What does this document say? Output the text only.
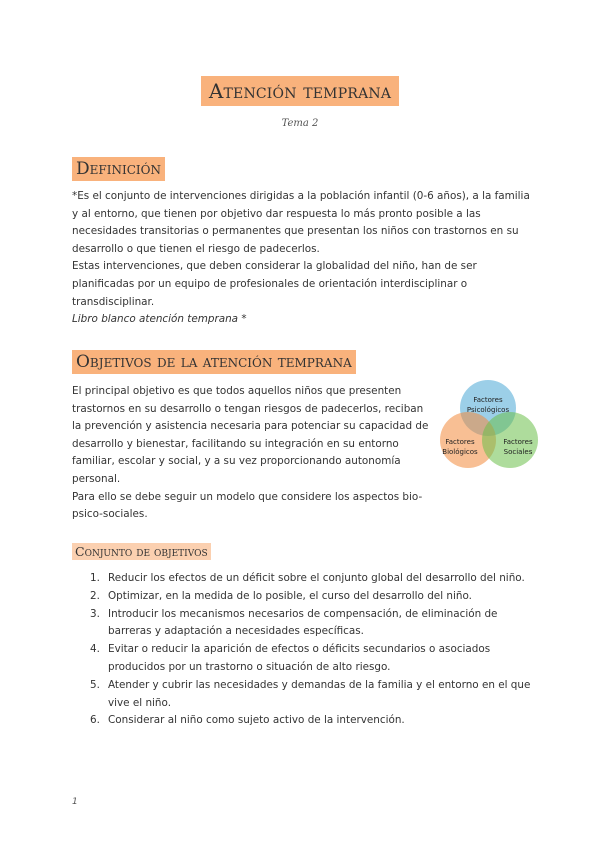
Atención temprana
Tema 2
Definición

*Es el conjunto de intervenciones dirigidas a la población infantil (0-6 años), a la familia y al entorno, que tienen por objetivo dar respuesta lo más pronto posible a las necesidades transitorias o permanentes que presentan los niños con trastornos en su desarrollo o que tienen el riesgo de padecerlos.

Estas intervenciones, que deben considerar la globalidad del niño, han de ser planificadas por un equipo de profesionales de orientación interdisciplinar o transdisciplinar.

Libro blanco atención temprana *
Objetivos de la atención temprana

El principal objetivo es que todos aquellos niños que presenten trastornos en su desarrollo o tengan riesgos de padecerlos, reciban la prevención y asistencia necesaria para potenciar su capacidad de desarrollo y bienestar, facilitando su integración en su entorno familiar, escolar y social, y a su vez proporcionando autonomía personal.

Para ello se debe seguir un modelo que considere los aspectos bio-psico-sociales.

Factores
Psicológicos
Factores
Biológicos
Factores
Sociales
Conjunto de objetivos
1. Reducir los efectos de un déficit sobre el conjunto global del desarrollo del niño.
2. Optimizar, en la medida de lo posible, el curso del desarrollo del niño.
3. Introducir los mecanismos necesarios de compensación, de eliminación de barreras y adaptación a necesidades específicas.
4. Evitar o reducir la aparición de efectos o déficits secundarios o asociados producidos por un trastorno o situación de alto riesgo.
5. Atender y cubrir las necesidades y demandas de la familia y el entorno en el que vive el niño.
6. Considerar al niño como sujeto activo de la intervención.
1
